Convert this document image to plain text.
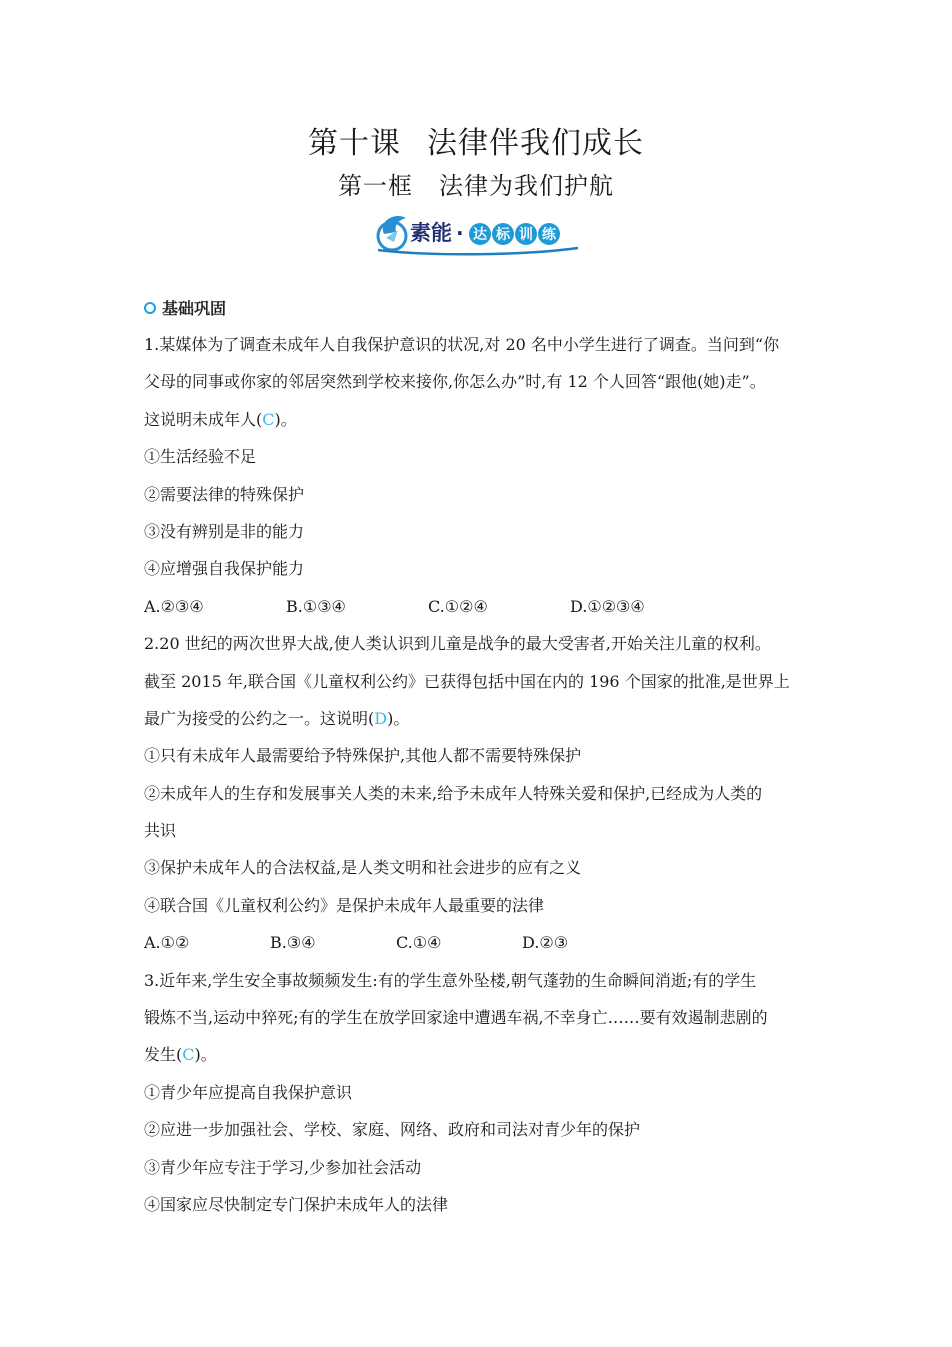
第十课 法律伴我们成长
第一框 法律为我们护航
素能 · 达 标 训 练
基础巩固
1.某媒体为了调查未成年人自我保护意识的状况,对 20 名中小学生进行了调查。当问到“你
父母的同事或你家的邻居突然到学校来接你,你怎么办”时,有 12 个人回答“跟他(她)走”。
这说明未成年人(C)。
①生活经验不足
②需要法律的特殊保护
③没有辨别是非的能力
④应增强自我保护能力
A.②③④	B.①③④	C.①②④	D.①②③④
2.20 世纪的两次世界大战,使人类认识到儿童是战争的最大受害者,开始关注儿童的权利。
截至 2015 年,联合国《儿童权利公约》已获得包括中国在内的 196 个国家的批准,是世界上
最广为接受的公约之一。这说明(D)。
①只有未成年人最需要给予特殊保护,其他人都不需要特殊保护
②未成年人的生存和发展事关人类的未来,给予未成年人特殊关爱和保护,已经成为人类的
共识
③保护未成年人的合法权益,是人类文明和社会进步的应有之义
④联合国《儿童权利公约》是保护未成年人最重要的法律
A.①②	B.③④	C.①④	D.②③
3.近年来,学生安全事故频频发生:有的学生意外坠楼,朝气蓬勃的生命瞬间消逝;有的学生
锻炼不当,运动中猝死;有的学生在放学回家途中遭遇车祸,不幸身亡……要有效遏制悲剧的
发生(C)。
①青少年应提高自我保护意识
②应进一步加强社会、学校、家庭、网络、政府和司法对青少年的保护
③青少年应专注于学习,少参加社会活动
④国家应尽快制定专门保护未成年人的法律
